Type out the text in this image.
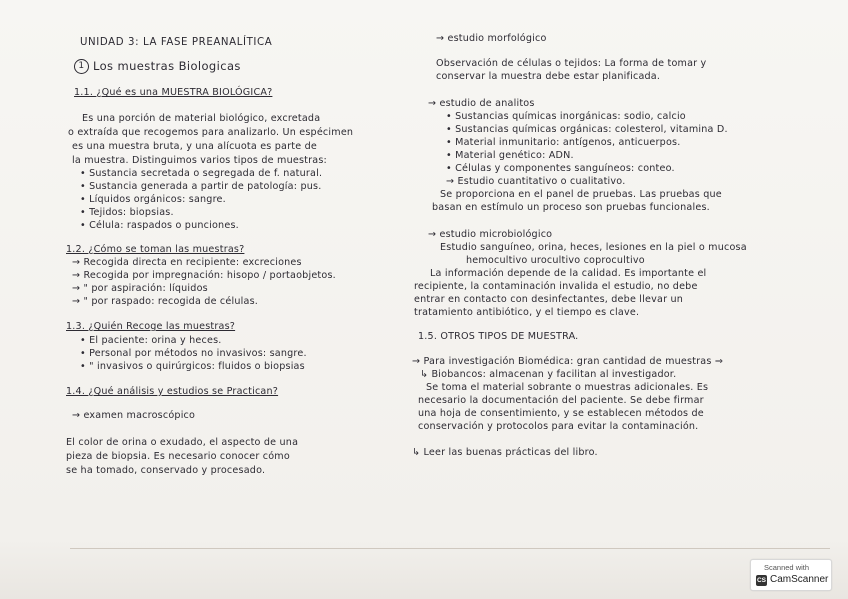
UNIDAD 3: LA FASE PREANALÍTICA
1 Los muestras Biologicas
1.1. ¿Qué es una MUESTRA BIOLÓGICA?
Es una porción de material biológico, excretada
o extraída que recogemos para analizarlo. Un espécimen
es una muestra bruta, y una alícuota es parte de
la muestra. Distinguimos varios tipos de muestras:
• Sustancia secretada o segregada de f. natural.
• Sustancia generada a partir de patología: pus.
• Líquidos orgánicos: sangre.
• Tejidos: biopsias.
• Célula: raspados o punciones.
1.2. ¿Cómo se toman las muestras?
→ Recogida directa en recipiente: excreciones
→ Recogida por impregnación: hisopo / portaobjetos.
→ " por aspiración: líquidos
→ " por raspado: recogida de células.
1.3. ¿Quién Recoge las muestras?
• El paciente: orina y heces.
• Personal por métodos no invasivos: sangre.
• " invasivos o quirúrgicos: fluidos o biopsias
1.4. ¿Qué análisis y estudios se Practican?
→ examen macroscópico
El color de orina o exudado, el aspecto de una
pieza de biopsia. Es necesario conocer cómo
se ha tomado, conservado y procesado.
→ estudio morfológico
Observación de células o tejidos: La forma de tomar y
conservar la muestra debe estar planificada.
→ estudio de analitos
• Sustancias químicas inorgánicas: sodio, calcio
• Sustancias químicas orgánicas: colesterol, vitamina D.
• Material inmunitario: antígenos, anticuerpos.
• Material genético: ADN.
• Células y componentes sanguíneos: conteo.
→ Estudio cuantitativo o cualitativo.
Se proporciona en el panel de pruebas. Las pruebas que
basan en estímulo un proceso son pruebas funcionales.
→ estudio microbiológico
Estudio sanguíneo, orina, heces, lesiones en la piel o mucosa
hemocultivo urocultivo coprocultivo
La información depende de la calidad. Es importante el
recipiente, la contaminación invalida el estudio, no debe
entrar en contacto con desinfectantes, debe llevar un
tratamiento antibiótico, y el tiempo es clave.
1.5. OTROS TIPOS DE MUESTRA.
→ Para investigación Biomédica: gran cantidad de muestras ⇒
↳ Biobancos: almacenan y facilitan al investigador.
Se toma el material sobrante o muestras adicionales. Es
necesario la documentación del paciente. Se debe firmar
una hoja de consentimiento, y se establecen métodos de
conservación y protocolos para evitar la contaminación.
↳ Leer las buenas prácticas del libro.
Scanned with
CS CamScanner
